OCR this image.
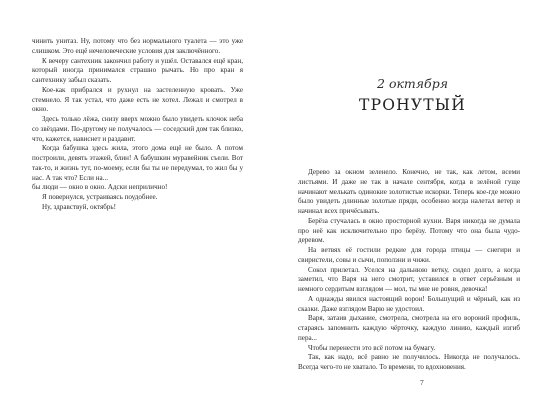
чинить унитаз. Ну, потому что без нормального туалета — это уже слишком. Это ещё нечеловеческие условия для заключённого.

К вечеру сантехник закончил работу и ушёл. Оставался ещё кран, который иногда принимался страшно рычать. Но про кран я сантехнику забыл сказать.

Кое-как прибрался и рухнул на застеленную кровать. Уже стемнело. Я так устал, что даже есть не хотел. Лежал и смотрел в окно.

Здесь только лёжа, снизу вверх можно было увидеть клочок неба со звёздами. По-другому не получалось — соседский дом так близко, что, кажется, нависнет и раздавит.

Когда бабушка здесь жила, этого дома ещё не было. А потом построили, девять этажей, блин! А бабушкин муравейник съели. Вот так-то, и жизнь тут, по-моему, если бы ты не передумал, то жил бы у нас. А так что? Если на...

бы люди — окно в окно. Адски неприлично!

Я повернулся, устраиваясь поудобнее.

Ну, здравствуй, октябрь!

2 октября
ТРОНУТЫЙ

Дерево за окном зеленело. Конечно, не так, как летом, всеми листьями. И даже не так в начале сентября, когда в зелёной гуще начинают мелькать одинокие золотистые искорки. Теперь кое-где можно было увидеть длинные золотые пряди, особенно когда налетал ветер и начинал всех причёсывать.

Берёза стучалась в окно просторной кухни. Варя никогда не думала про неё как исключительно про берёзу. Потому что она была чудо-деревом.

На ветвях её гостили редкие для города птицы — снегири и свиристели, совы и сычи, поползни и чижи.

Сокол прилетал. Уселся на дальнюю ветку, сидел долго, а когда заметил, что Варя на него смотрит, уставился в ответ серьёзным и немного сердитым взглядом — мол, ты мне не ровня, девочка!

А однажды явился настоящий ворон! Большущий и чёрный, как из сказки. Даже взглядом Варю не удостоил.

Варя, затаив дыхание, смотрела, смотрела на его вороний профиль, стараясь запомнить каждую чёрточку, каждую линию, каждый изгиб пера...

Чтобы перенести это всё потом на бумагу.

Так, как надо, всё равно не получилось. Никогда не получалось. Всегда чего-то не хватало. То времени, то вдохновения.

7
